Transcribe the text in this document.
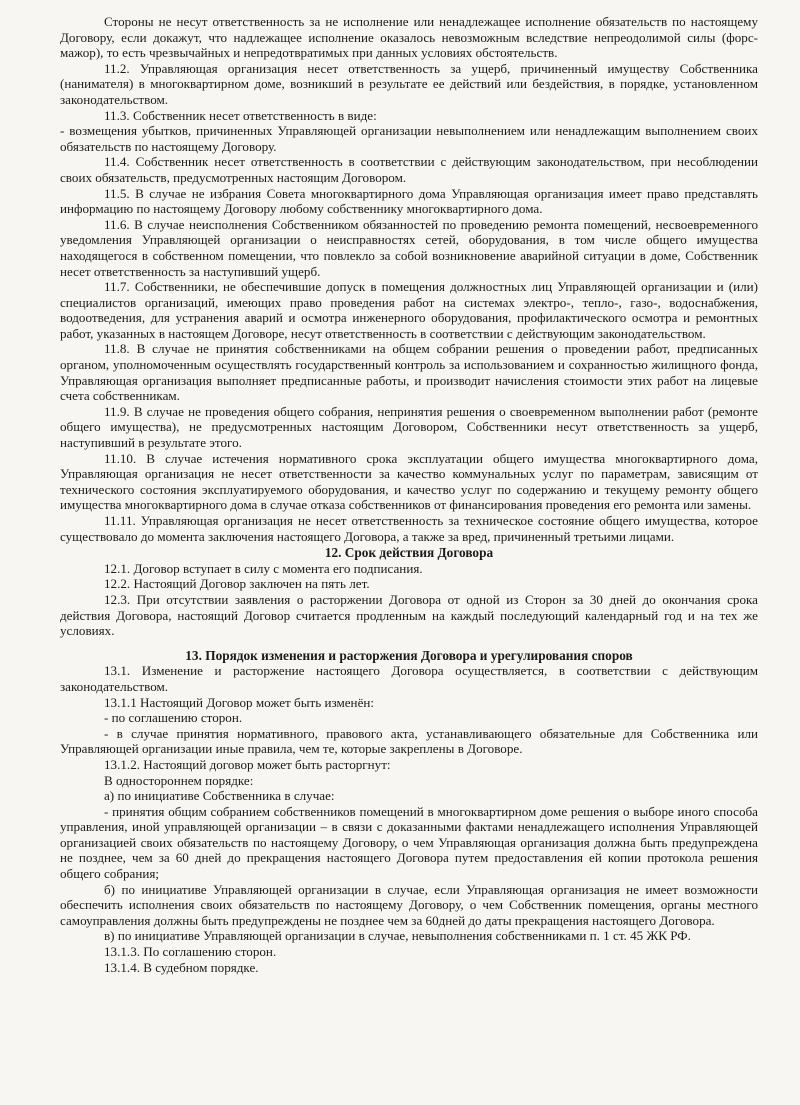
Стороны не несут ответственность за не исполнение или ненадлежащее исполнение обязательств по настоящему Договору, если докажут, что надлежащее исполнение оказалось невозможным вследствие непреодолимой силы (форс-мажор), то есть чрезвычайных и непредотвратимых при данных условиях обстоятельств.

11.2. Управляющая организация несет ответственность за ущерб, причиненный имуществу Собственника (нанимателя) в многоквартирном доме, возникший в результате ее действий или бездействия, в порядке, установленном законодательством.

11.3. Собственник несет ответственность в виде:

- возмещения убытков, причиненных Управляющей организации невыполнением или ненадлежащим выполнением своих обязательств по настоящему Договору.

11.4. Собственник несет ответственность в соответствии с действующим законодательством, при несоблюдении своих обязательств, предусмотренных настоящим Договором.

11.5. В случае не избрания Совета многоквартирного дома Управляющая организация имеет право представлять информацию по настоящему Договору любому собственнику многоквартирного дома.

11.6. В случае неисполнения Собственником обязанностей по проведению ремонта помещений, несвоевременного уведомления Управляющей организации о неисправностях сетей, оборудования, в том числе общего имущества находящегося в собственном помещении, что повлекло за собой возникновение аварийной ситуации в доме, Собственник несет ответственность за наступивший ущерб.

11.7. Собственники, не обеспечившие допуск в помещения должностных лиц Управляющей организации и (или) специалистов организаций, имеющих право проведения работ на системах электро-, тепло-, газо-, водоснабжения, водоотведения, для устранения аварий и осмотра инженерного оборудования, профилактического осмотра и ремонтных работ, указанных в настоящем Договоре, несут ответственность в соответствии с действующим законодательством.

11.8. В случае не принятия собственниками на общем собрании решения о проведении работ, предписанных органом, уполномоченным осуществлять государственный контроль за использованием и сохранностью жилищного фонда, Управляющая организация выполняет предписанные работы, и производит начисления стоимости этих работ на лицевые счета собственникам.

11.9. В случае не проведения общего собрания, непринятия решения о своевременном выполнении работ (ремонте общего имущества), не предусмотренных настоящим Договором, Собственники несут ответственность за ущерб, наступивший в результате этого.

11.10. В случае истечения нормативного срока эксплуатации общего имущества многоквартирного дома, Управляющая организация не несет ответственности за качество коммунальных услуг по параметрам, зависящим от технического состояния эксплуатируемого оборудования, и качество услуг по содержанию и текущему ремонту общего имущества многоквартирного дома в случае отказа собственников от финансирования проведения его ремонта или замены.

11.11. Управляющая организация не несет ответственность за техническое состояние общего имущества, которое существовало до момента заключения настоящего Договора, а также за вред, причиненный третьими лицами.

12. Срок действия Договора

12.1. Договор вступает в силу с момента его подписания.

12.2. Настоящий Договор заключен на пять лет.

12.3. При отсутствии заявления о расторжении Договора от одной из Сторон за 30 дней до окончания срока действия Договора, настоящий Договор считается продленным на каждый последующий календарный год и на тех же условиях.

13. Порядок изменения и расторжения Договора и урегулирования споров

13.1. Изменение и расторжение настоящего Договора осуществляется, в соответствии с действующим законодательством.

13.1.1 Настоящий Договор может быть изменён:

- по соглашению сторон.

- в случае принятия нормативного, правового акта, устанавливающего обязательные для Собственника или Управляющей организации иные правила, чем те, которые закреплены в Договоре.

13.1.2. Настоящий договор может быть расторгнут:

В одностороннем порядке:

а) по инициативе Собственника в случае:

- принятия общим собранием собственников помещений в многоквартирном доме решения о выборе иного способа управления, иной управляющей организации – в связи с доказанными фактами ненадлежащего исполнения Управляющей организацией своих обязательств по настоящему Договору, о чем Управляющая организация должна быть предупреждена не позднее, чем за 60 дней до прекращения настоящего Договора путем предоставления ей копии протокола решения общего собрания;

б) по инициативе Управляющей организации в случае, если Управляющая организация не имеет возможности обеспечить исполнения своих обязательств по настоящему Договору, о чем Собственник помещения, органы местного самоуправления должны быть предупреждены не позднее чем за 60дней до даты прекращения настоящего Договора.

в) по инициативе Управляющей организации в случае, невыполнения собственниками п. 1 ст. 45 ЖК РФ.

13.1.3. По соглашению сторон.

13.1.4. В судебном порядке.
